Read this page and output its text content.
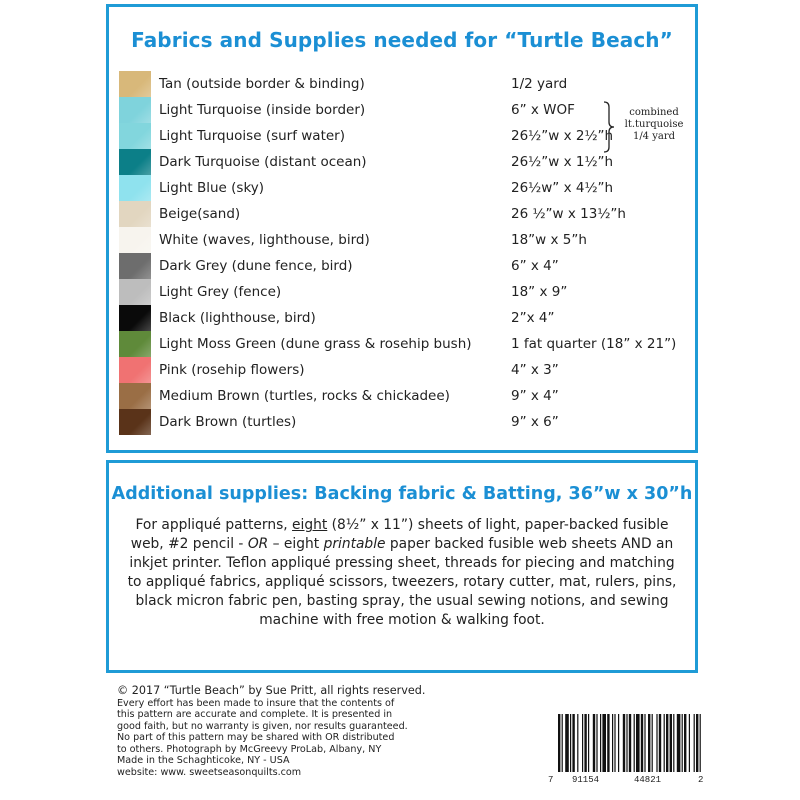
Fabrics and Supplies needed for “Turtle Beach”
Tan (outside border & binding)	1/2 yard
Light Turquoise (inside border)	6” x WOF
Light Turquoise (surf water)	26½”w x 2½”h
Dark Turquoise (distant ocean)	26½”w x 1½”h
Light Blue (sky)	26½w” x 4½”h
Beige(sand)	26 ½”w x 13½”h
White (waves, lighthouse, bird)	18”w x 5”h
Dark Grey (dune fence, bird)	6” x 4”
Light Grey (fence)	18” x 9”
Black (lighthouse, bird)	2”x 4”
Light Moss Green (dune grass & rosehip bush)	1 fat quarter (18” x 21”)
Pink (rosehip flowers)	4” x 3”
Medium Brown (turtles, rocks & chickadee)	9” x 4”
Dark Brown (turtles)	9” x 6”
combined
lt.turquoise
1/4 yard
Additional supplies: Backing fabric & Batting, 36”w x 30”h
For appliqué patterns, eight (8½” x 11”) sheets of light, paper-backed fusible web, #2 pencil - OR – eight printable paper backed fusible web sheets AND an inkjet printer. Teflon appliqué pressing sheet, threads for piecing and matching to appliqué fabrics, appliqué scissors, tweezers, rotary cutter, mat, rulers, pins, black micron fabric pen, basting spray, the usual sewing notions, and sewing machine with free motion & walking foot.
© 2017 “Turtle Beach” by Sue Pritt, all rights reserved.
Every effort has been made to insure that the contents of
this pattern are accurate and complete. It is presented in
good faith, but no warranty is given, nor results guaranteed.
No part of this pattern may be shared with OR distributed
to others. Photograph by McGreevy ProLab, Albany, NY
Made in the Schaghticoke, NY - USA
website: www. sweetseasonquilts.com
7 91154	44821	2
